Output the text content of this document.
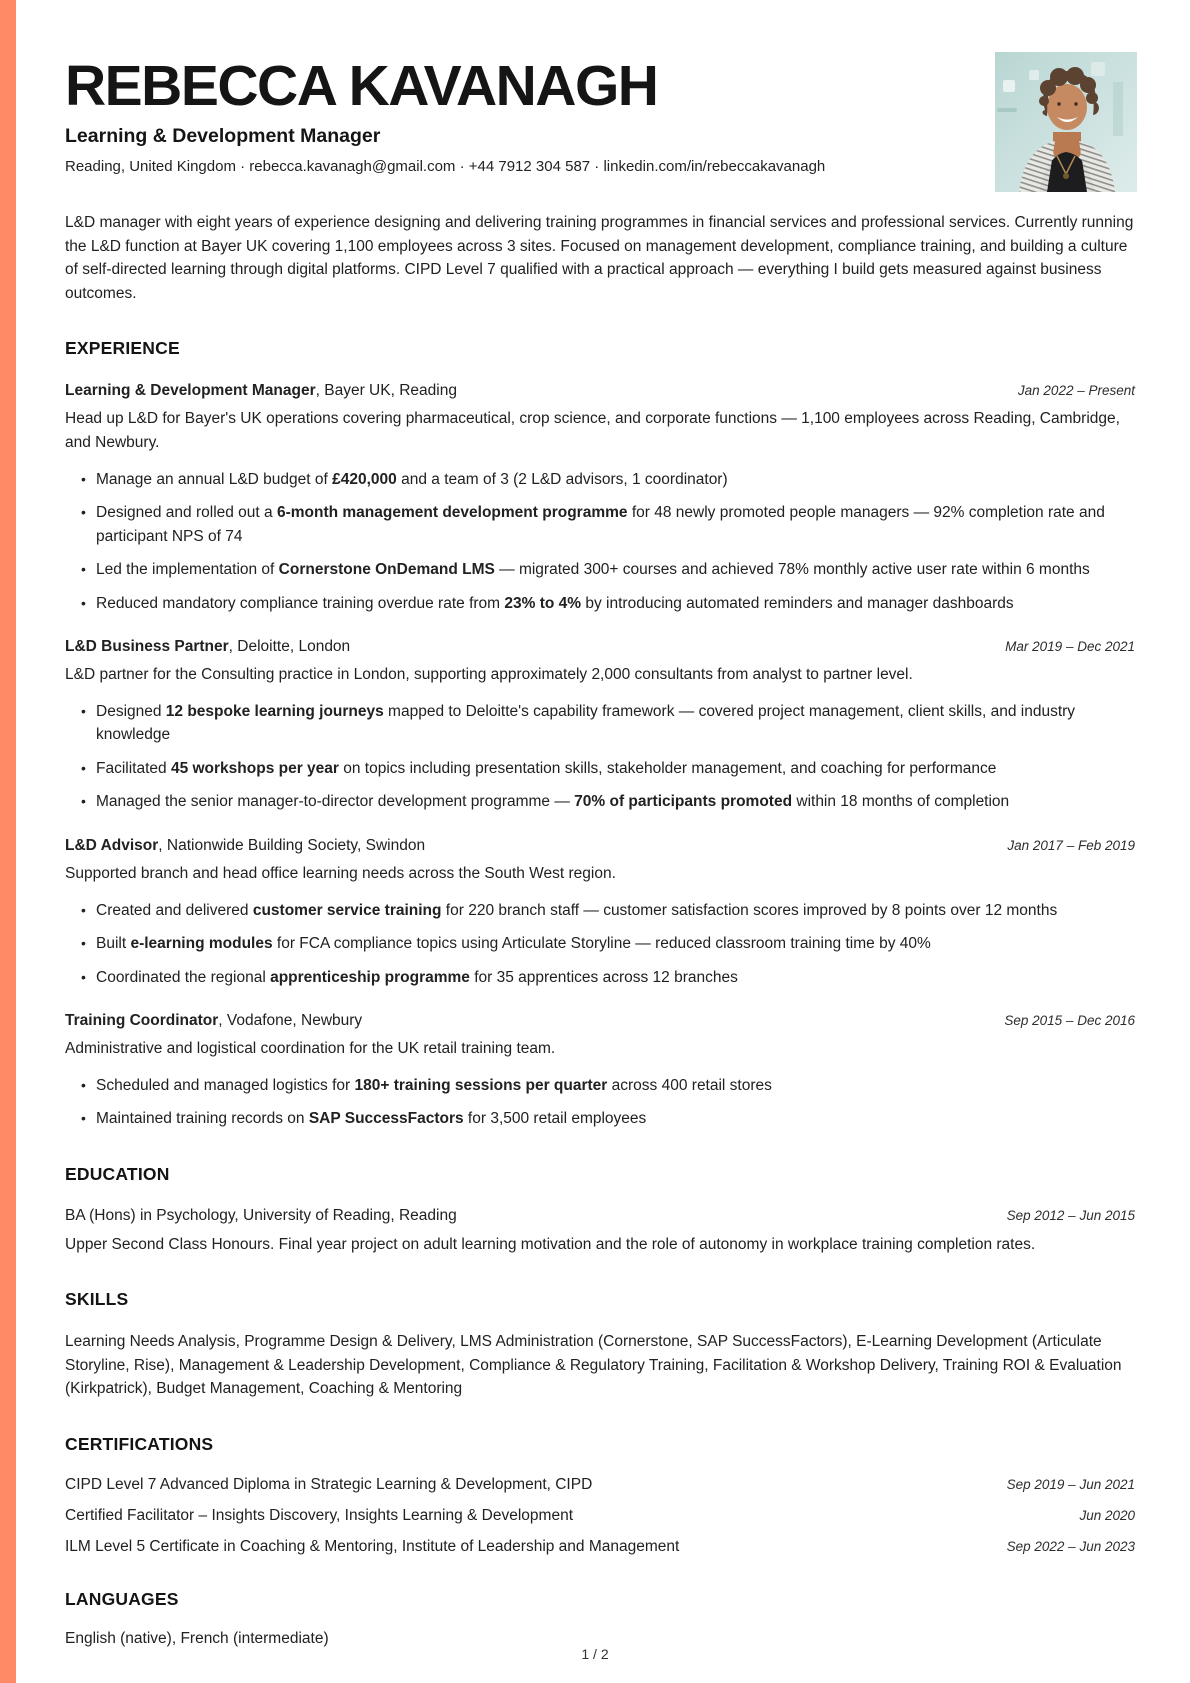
REBECCA KAVANAGH
Learning & Development Manager
Reading, United Kingdom · rebecca.kavanagh@gmail.com · +44 7912 304 587 · linkedin.com/in/rebeccakavanagh

L&D manager with eight years of experience designing and delivering training programmes in financial services and professional services. Currently running the L&D function at Bayer UK covering 1,100 employees across 3 sites. Focused on management development, compliance training, and building a culture of self-directed learning through digital platforms. CIPD Level 7 qualified with a practical approach — everything I build gets measured against business outcomes.

EXPERIENCE
Learning & Development Manager, Bayer UK, Reading	Jan 2022 – Present
Head up L&D for Bayer's UK operations covering pharmaceutical, crop science, and corporate functions — 1,100 employees across Reading, Cambridge, and Newbury.
• Manage an annual L&D budget of £420,000 and a team of 3 (2 L&D advisors, 1 coordinator)
• Designed and rolled out a 6-month management development programme for 48 newly promoted people managers — 92% completion rate and participant NPS of 74
• Led the implementation of Cornerstone OnDemand LMS — migrated 300+ courses and achieved 78% monthly active user rate within 6 months
• Reduced mandatory compliance training overdue rate from 23% to 4% by introducing automated reminders and manager dashboards
L&D Business Partner, Deloitte, London	Mar 2019 – Dec 2021
L&D partner for the Consulting practice in London, supporting approximately 2,000 consultants from analyst to partner level.
• Designed 12 bespoke learning journeys mapped to Deloitte's capability framework — covered project management, client skills, and industry knowledge
• Facilitated 45 workshops per year on topics including presentation skills, stakeholder management, and coaching for performance
• Managed the senior manager-to-director development programme — 70% of participants promoted within 18 months of completion
L&D Advisor, Nationwide Building Society, Swindon	Jan 2017 – Feb 2019
Supported branch and head office learning needs across the South West region.
• Created and delivered customer service training for 220 branch staff — customer satisfaction scores improved by 8 points over 12 months
• Built e-learning modules for FCA compliance topics using Articulate Storyline — reduced classroom training time by 40%
• Coordinated the regional apprenticeship programme for 35 apprentices across 12 branches
Training Coordinator, Vodafone, Newbury	Sep 2015 – Dec 2016
Administrative and logistical coordination for the UK retail training team.
• Scheduled and managed logistics for 180+ training sessions per quarter across 400 retail stores
• Maintained training records on SAP SuccessFactors for 3,500 retail employees
EDUCATION
BA (Hons) in Psychology, University of Reading, Reading	Sep 2012 – Jun 2015
Upper Second Class Honours. Final year project on adult learning motivation and the role of autonomy in workplace training completion rates.
SKILLS
Learning Needs Analysis, Programme Design & Delivery, LMS Administration (Cornerstone, SAP SuccessFactors), E-Learning Development (Articulate Storyline, Rise), Management & Leadership Development, Compliance & Regulatory Training, Facilitation & Workshop Delivery, Training ROI & Evaluation (Kirkpatrick), Budget Management, Coaching & Mentoring
CERTIFICATIONS
CIPD Level 7 Advanced Diploma in Strategic Learning & Development, CIPD	Sep 2019 – Jun 2021
Certified Facilitator – Insights Discovery, Insights Learning & Development	Jun 2020
ILM Level 5 Certificate in Coaching & Mentoring, Institute of Leadership and Management	Sep 2022 – Jun 2023
LANGUAGES
English (native), French (intermediate)
1 / 2
